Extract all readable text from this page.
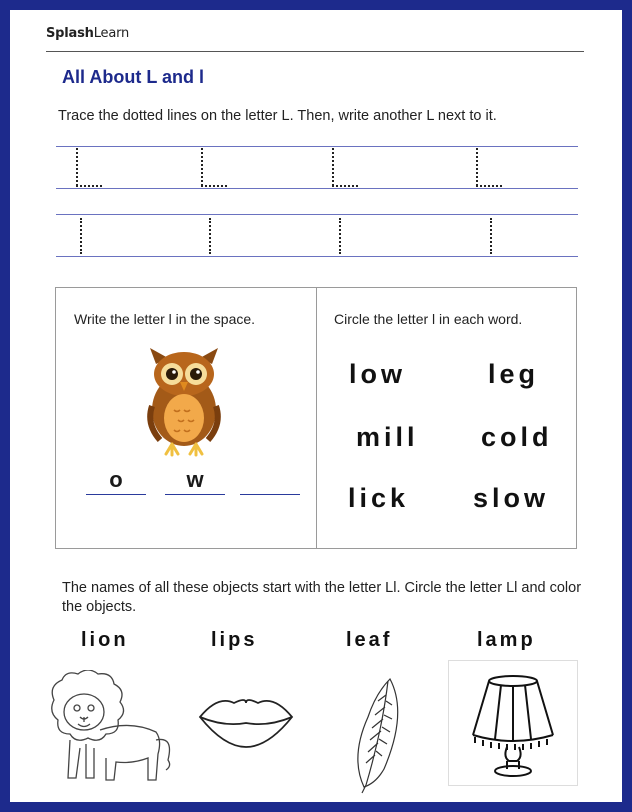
SplashLearn
All About L and l
Trace the dotted lines on the letter L. Then, write another L next to it.
Write the letter l in the space.	Circle the letter l in each word.
o	w
low	leg
mill cold
lick slow
The names of all these objects start with the letter Ll. Circle the letter Ll and color the objects.
lion	lips	leaf	lamp
